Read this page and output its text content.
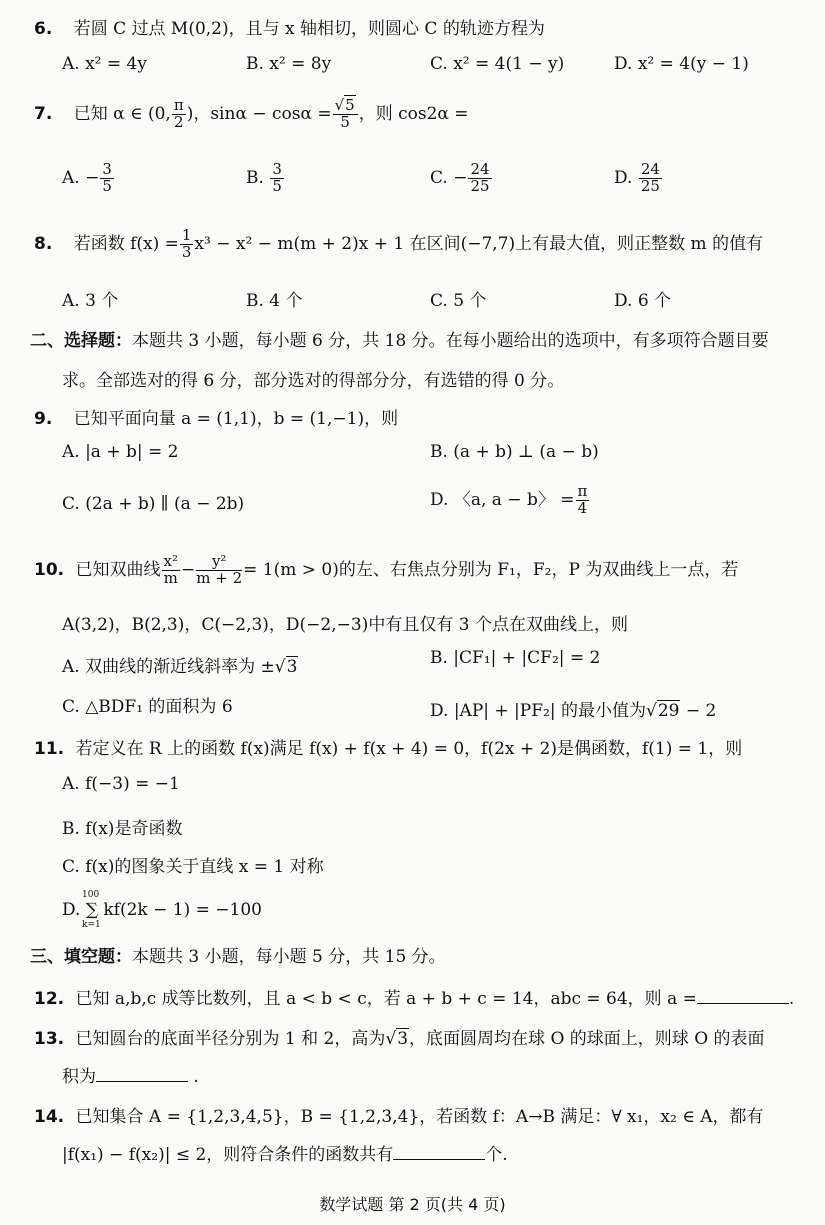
6. 若圆 C 过点 M(0,2)，且与 x 轴相切，则圆心 C 的轨迹方程为
A. x² = 4y	B. x² = 8y	C. x² = 4(1 − y)	D. x² = 4(y − 1)
7. 已知 α ∈ (0, $\frac{\pi}{2}$ )，$\sin\alpha - \cos\alpha = \frac{√5}{5}$ ，则 cos2α =
A. − $\frac{3}{5}$	B. $\frac{3}{5}$	C. − $\frac{24}{25}$	D. $\frac{24}{25}$
8. 若函数 $f(x) = \frac{1}{3} x^3 - x^2 - m(m + 2)x + 1$ 在区间(−7,7)上有最大值，则正整数 m 的值有
A. 3 个	B. 4 个	C. 5 个	D. 6 个
二、选择题：本题共 3 小题，每小题 6 分，共 18 分。在每小题给出的选项中，有多项符合题目要
求。全部选对的得 6 分，部分选对的得部分分，有选错的得 0 分。
9. 已知平面向量 a = (1,1)，b = (1,−1)，则
A. |a + b| = 2	B. (a + b) ⊥ (a − b)
C. (2a + b) ∥ (a − 2b)	D. 〈a, a − b〉 = $\frac{\pi}{4}$
10. 已知双曲线 $\frac{\text{x²}}{m} - \frac{\text{y²}}{m + 2} = 1(m > 0)$的左、右焦点分别为 F₁，F₂，P 为双曲线上一点，若
A(3,2)，B(2,3)，C(−2,3)，D(−2,−3)中有且仅有 3 个点在双曲线上，则
A. 双曲线的渐近线斜率为 ±√3	B. |CF₁| + |CF₂| = 2
C. △BDF₁ 的面积为 6	D. |AP| + |PF₂| 的最小值为√29 − 2
11. 若定义在 R 上的函数 f(x)满足 f(x) + f(x + 4) = 0，f(2x + 2)是偶函数，f(1) = 1，则
A. f(−3) = −1
B. f(x)是奇函数
C. f(x)的图象关于直线 x = 1 对称
D. ∑ kf(2k − 1) = −100
100
k=1
三、填空题：本题共 3 小题，每小题 5 分，共 15 分。
12. 已知 a,b,c 成等比数列，且 a < b < c，若 a + b + c = 14，abc = 64，则 a =	.
13. 已知圆台的底面半径分别为 1 和 2，高为√3，底面圆周均在球 O 的球面上，则球 O 的表面
积为	.
14. 已知集合 A = {1,2,3,4,5}，B = {1,2,3,4}，若函数 f：A→B 满足：∀ x₁，x₂ ∈ A，都有
|f(x₁) − f(x₂)| ≤ 2，则符合条件的函数共有	个.
数学试题 第 2 页(共 4 页)
